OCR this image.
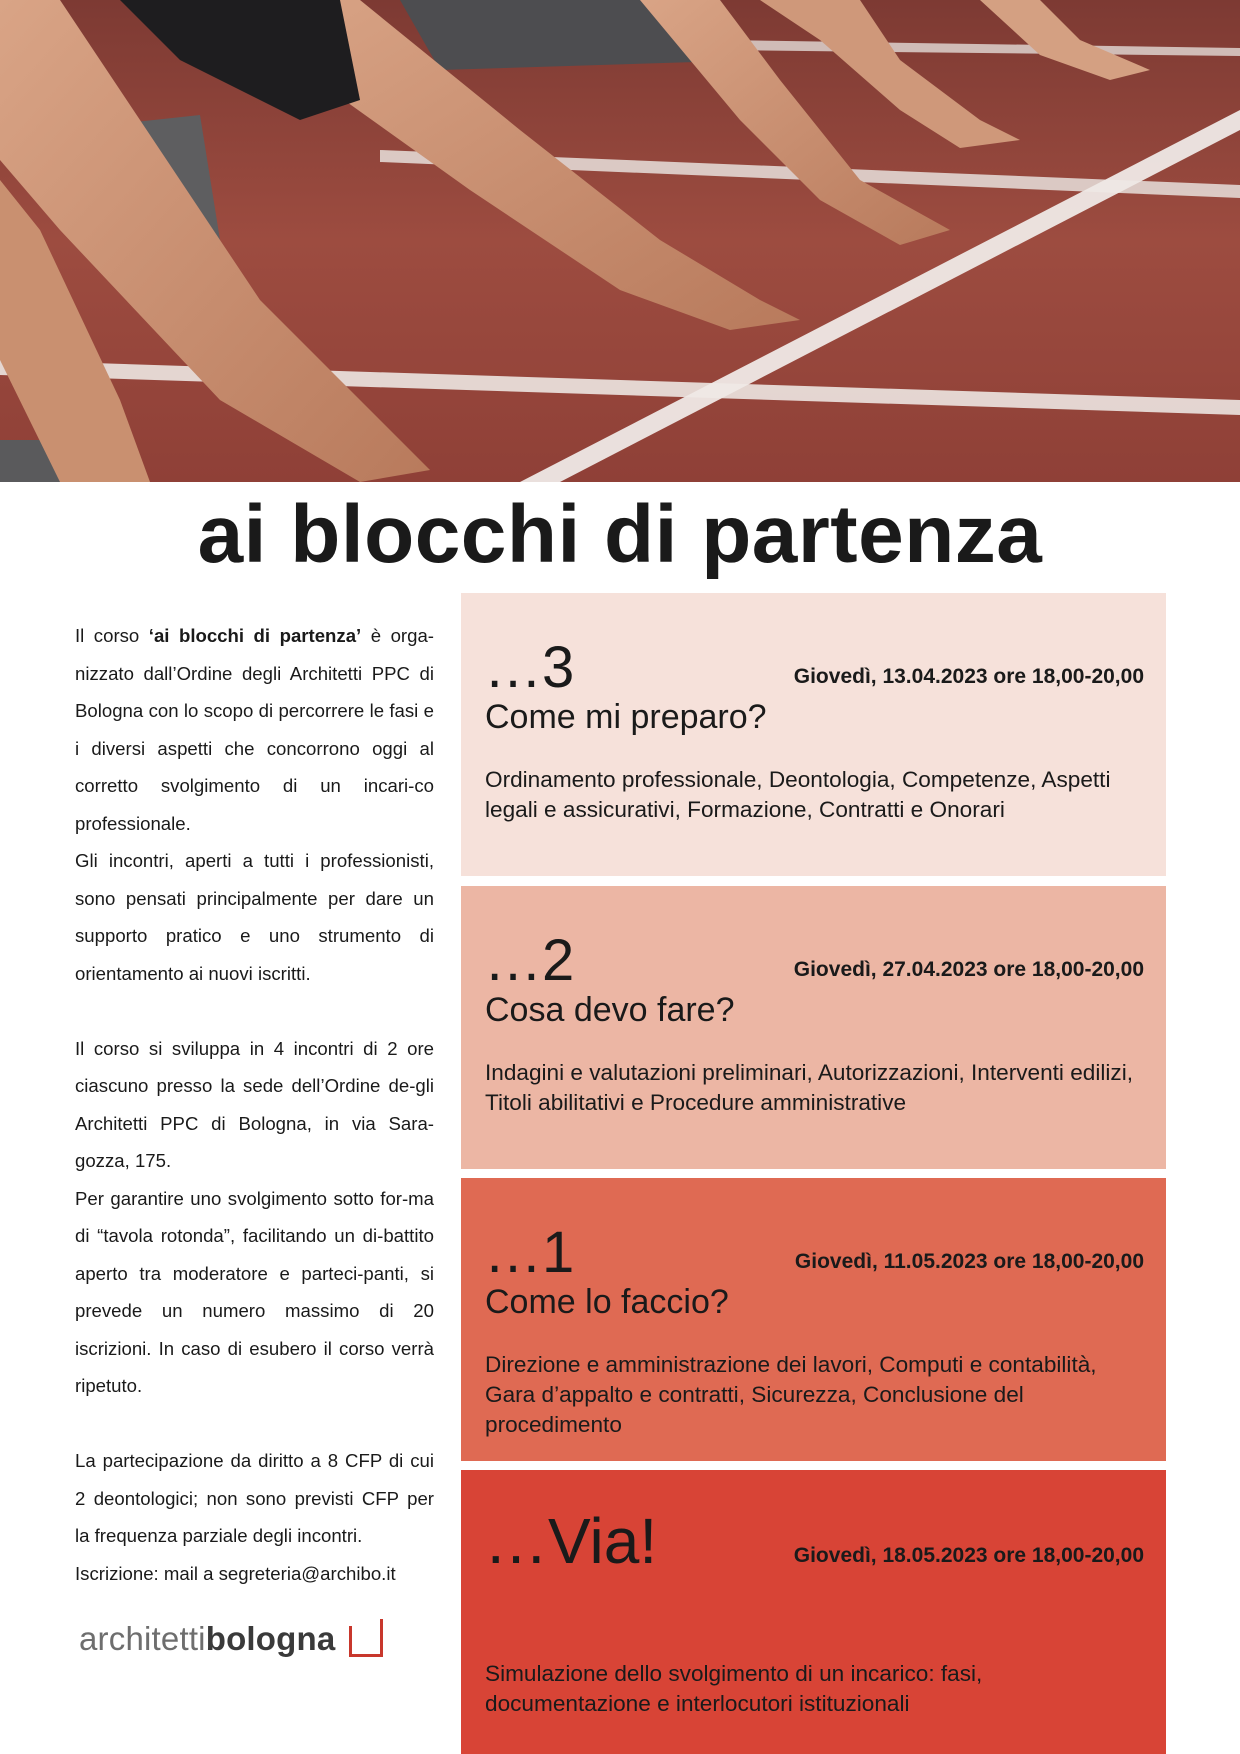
ai blocchi di partenza

Il corso ‘ai blocchi di partenza’ è orga-nizzato dall’Ordine degli Architetti PPC di Bologna con lo scopo di percorrere le fasi e i diversi aspetti che concorrono oggi al corretto svolgimento di un incari-co professionale.

Gli incontri, aperti a tutti i professionisti, sono pensati principalmente per dare un supporto pratico e uno strumento di orientamento ai nuovi iscritti.

Il corso si sviluppa in 4 incontri di 2 ore ciascuno presso la sede dell’Ordine de-gli Architetti PPC di Bologna, in via Sara-gozza, 175.

Per garantire uno svolgimento sotto for-ma di “tavola rotonda”, facilitando un di-battito aperto tra moderatore e parteci-panti, si prevede un numero massimo di 20 iscrizioni. In caso di esubero il corso verrà ripetuto.

La partecipazione da diritto a 8 CFP di cui 2 deontologici; non sono previsti CFP per la frequenza parziale degli incontri.

Iscrizione: mail a segreteria@archibo.it

architetti bologna
…3	Giovedì, 13.04.2023 ore 18,00-20,00
Come mi preparo?
Ordinamento professionale, Deontologia, Competenze, Aspetti legali e assicurativi, Formazione, Contratti e Onorari
…2	Giovedì, 27.04.2023 ore 18,00-20,00
Cosa devo fare?
Indagini e valutazioni preliminari, Autorizzazioni, Interventi edilizi, Titoli abilitativi e Procedure amministrative
…1	Giovedì, 11.05.2023 ore 18,00-20,00
Come lo faccio?
Direzione e amministrazione dei lavori, Computi e contabilità, Gara d’appalto e contratti, Sicurezza, Conclusione del procedimento
…Via!	Giovedì, 18.05.2023 ore 18,00-20,00
Simulazione dello svolgimento di un incarico: fasi, documentazione e interlocutori istituzionali
